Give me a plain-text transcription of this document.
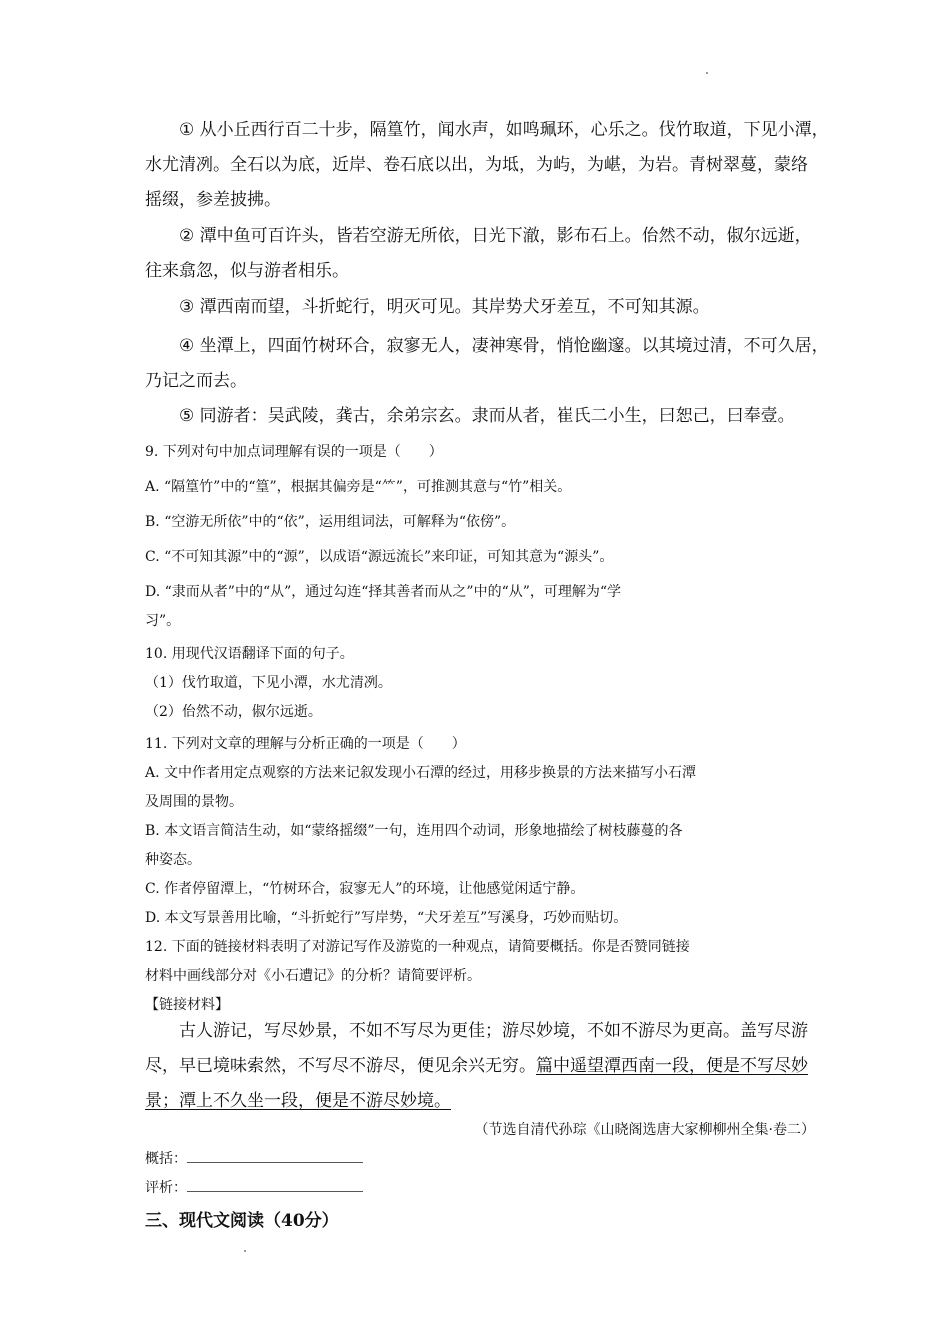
① 从小丘西行百二十步，隔篁竹，闻水声，如鸣珮环，心乐之。伐竹取道，下见小潭，
水尤清冽。全石以为底，近岸、卷石底以出，为坻，为屿，为嵁，为岩。青树翠蔓，蒙络
摇缀，参差披拂。
② 潭中鱼可百许头，皆若空游无所依，日光下澈，影布石上。佁然不动，俶尔远逝，
往来翕忽，似与游者相乐。
③ 潭西南而望，斗折蛇行，明灭可见。其岸势犬牙差互，不可知其源。
④ 坐潭上，四面竹树环合，寂寥无人，凄神寒骨，悄怆幽邃。以其境过清，不可久居，
乃记之而去。
⑤ 同游者：吴武陵，龚古，余弟宗玄。隶而从者，崔氏二小生，曰恕己，曰奉壹。
9. 下列对句中加点词理解有误的一项是（　　）
A. “隔篁竹”中的“篁”，根据其偏旁是“⺮”，可推测其意与“竹”相关。
B. “空游无所依”中的“依”，运用组词法，可解释为“依傍”。
C. “不可知其源”中的“源”，以成语“源远流长”来印证，可知其意为“源头”。
D. “隶而从者”中的“从”，通过勾连“择其善者而从之”中的“从”，可理解为“学
习”。
10. 用现代汉语翻译下面的句子。
（1）伐竹取道，下见小潭，水尤清冽。
（2）佁然不动，俶尔远逝。
11. 下列对文章的理解与分析正确的一项是（　　）
A. 文中作者用定点观察的方法来记叙发现小石潭的经过，用移步换景的方法来描写小石潭
及周围的景物。
B. 本文语言简洁生动，如“蒙络摇缀”一句，连用四个动词，形象地描绘了树枝藤蔓的各
种姿态。
C. 作者停留潭上，“竹树环合，寂寥无人”的环境，让他感觉闲适宁静。
D. 本文写景善用比喻，“斗折蛇行”写岸势，“犬牙差互”写溪身，巧妙而贴切。
12. 下面的链接材料表明了对游记写作及游览的一种观点，请简要概括。你是否赞同链接
材料中画线部分对《小石遭记》的分析？请简要评析。
【链接材料】
古人游记，写尽妙景，不如不写尽为更佳；游尽妙境，不如不游尽为更高。盖写尽游
尽，早已境味索然，不写尽不游尽，便见余兴无穷。篇中遥望潭西南一段，便是不写尽妙
景；潭上不久坐一段，便是不游尽妙境。
（节选自清代孙琮《山晓阁选唐大家柳柳州全集·卷二）
概括：
评析：
三、现代文阅读（40分）
